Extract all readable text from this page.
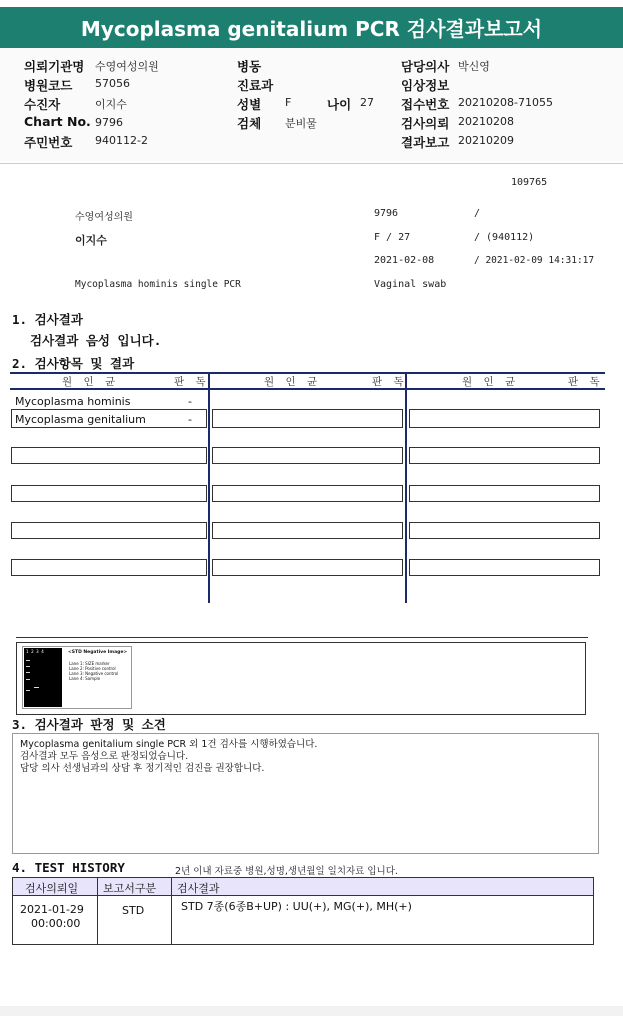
Mycoplasma genitalium PCR 검사결과보고서
의뢰기관명 수영여성의원
병원코드 57056
수진자	이지수
Chart No. 9796
주민번호 940112-2
병동
진료과
성별 F	나이 27
검체 분비물
담당의사 박신영
임상정보
접수번호 20210208-71055
검사의뢰 20210208
결과보고 20210209
109765
수영여성의원	9796	/
이지수	F / 27	/ (940112)
2021-02-08	/ 2021-02-09 14:31:17
Mycoplasma hominis single PCR	Vaginal swab
1. 검사결과
검사결과 음성 입니다.
2. 검사항목 및 결과
원 인 균	판 독	원 인 균	판 독	원 인 균	판 독
Mycoplasma hominis	-
Mycoplasma genitalium	-
1  2  3  4	<STD Negative Image>
Lane 1: SIZE marker
Lane 2: Positive control
Lane 3: Negative control
Lane 4: Sample
3. 검사결과 판정 및 소견
Mycoplasma genitalium single PCR 외 1건 검사를 시행하였습니다.
검사결과 모두 음성으로 판정되었습니다.
담당 의사 선생님과의 상담 후 정기적인 검진을 권장합니다.
4. TEST HISTORY	2년 이내 자료중 병원,성명,생년월일 일치자료 입니다.
검사의뢰일 보고서구분 검사결과
2021-01-29
00:00:00
STD	STD 7종(6종B+UP) : UU(+), MG(+), MH(+)
